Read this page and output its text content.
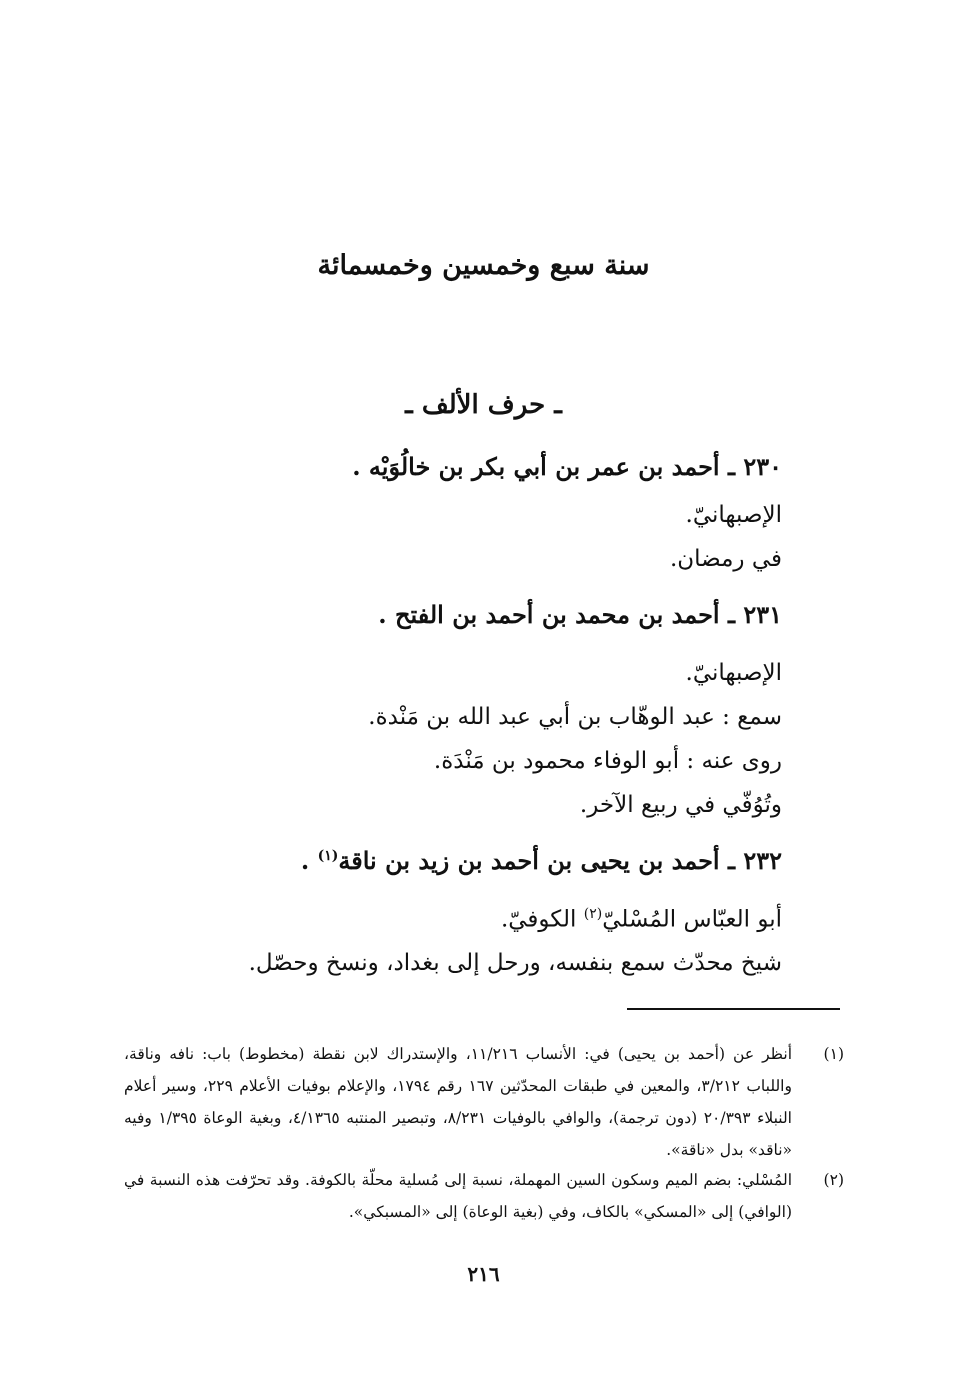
سنة سبع وخمسين وخمسمائة
ـ حرف الألف ـ
٢٣٠ ـ أحمد بن عمر بن أبي بكر بن خالُوَيْه .
الإصبهانيّ.
في رمضان.
٢٣١ ـ أحمد بن محمد بن أحمد بن الفتح .
الإصبهانيّ.
سمع : عبد الوهّاب بن أبي عبد الله بن مَنْدة.
روى عنه : أبو الوفاء محمود بن مَنْدَة.
وتُوُفّي في ربيع الآخر.
٢٣٢ ـ أحمد بن يحيى بن أحمد بن زيد بن ناقة$^{(١)}$ .
أبو العبّاس المُسْليّ$^{(٢)}$ الكوفيّ.
شيخ محدّث سمع بنفسه، ورحل إلى بغداد، ونسخ وحصّل.
(١)
أنظر عن (أحمد بن يحيى) في: الأنساب ١١/٢١٦، والإستدراك لابن نقطة (مخطوط) باب: نافه وناقة، واللباب ٣/٢١٢، والمعين في طبقات المحدّثين ١٦٧ رقم ١٧٩٤، والإعلام بوفيات الأعلام ٢٢٩، وسير أعلام النبلاء ٢٠/٣٩٣ (دون ترجمة)، والوافي بالوفيات ٨/٢٣١، وتبصير المنتبه ٤/١٣٦٥، وبغية الوعاة ١/٣٩٥ وفيه «ناقد» بدل «ناقة».
(٢)
المُسْلي: بضم الميم وسكون السين المهملة، نسبة إلى مُسلية محلّة بالكوفة. وقد تحرّفت هذه النسبة في (الوافي) إلى «المسكي» بالكاف، وفي (بغية الوعاة) إلى «المسبكي».
٢١٦
